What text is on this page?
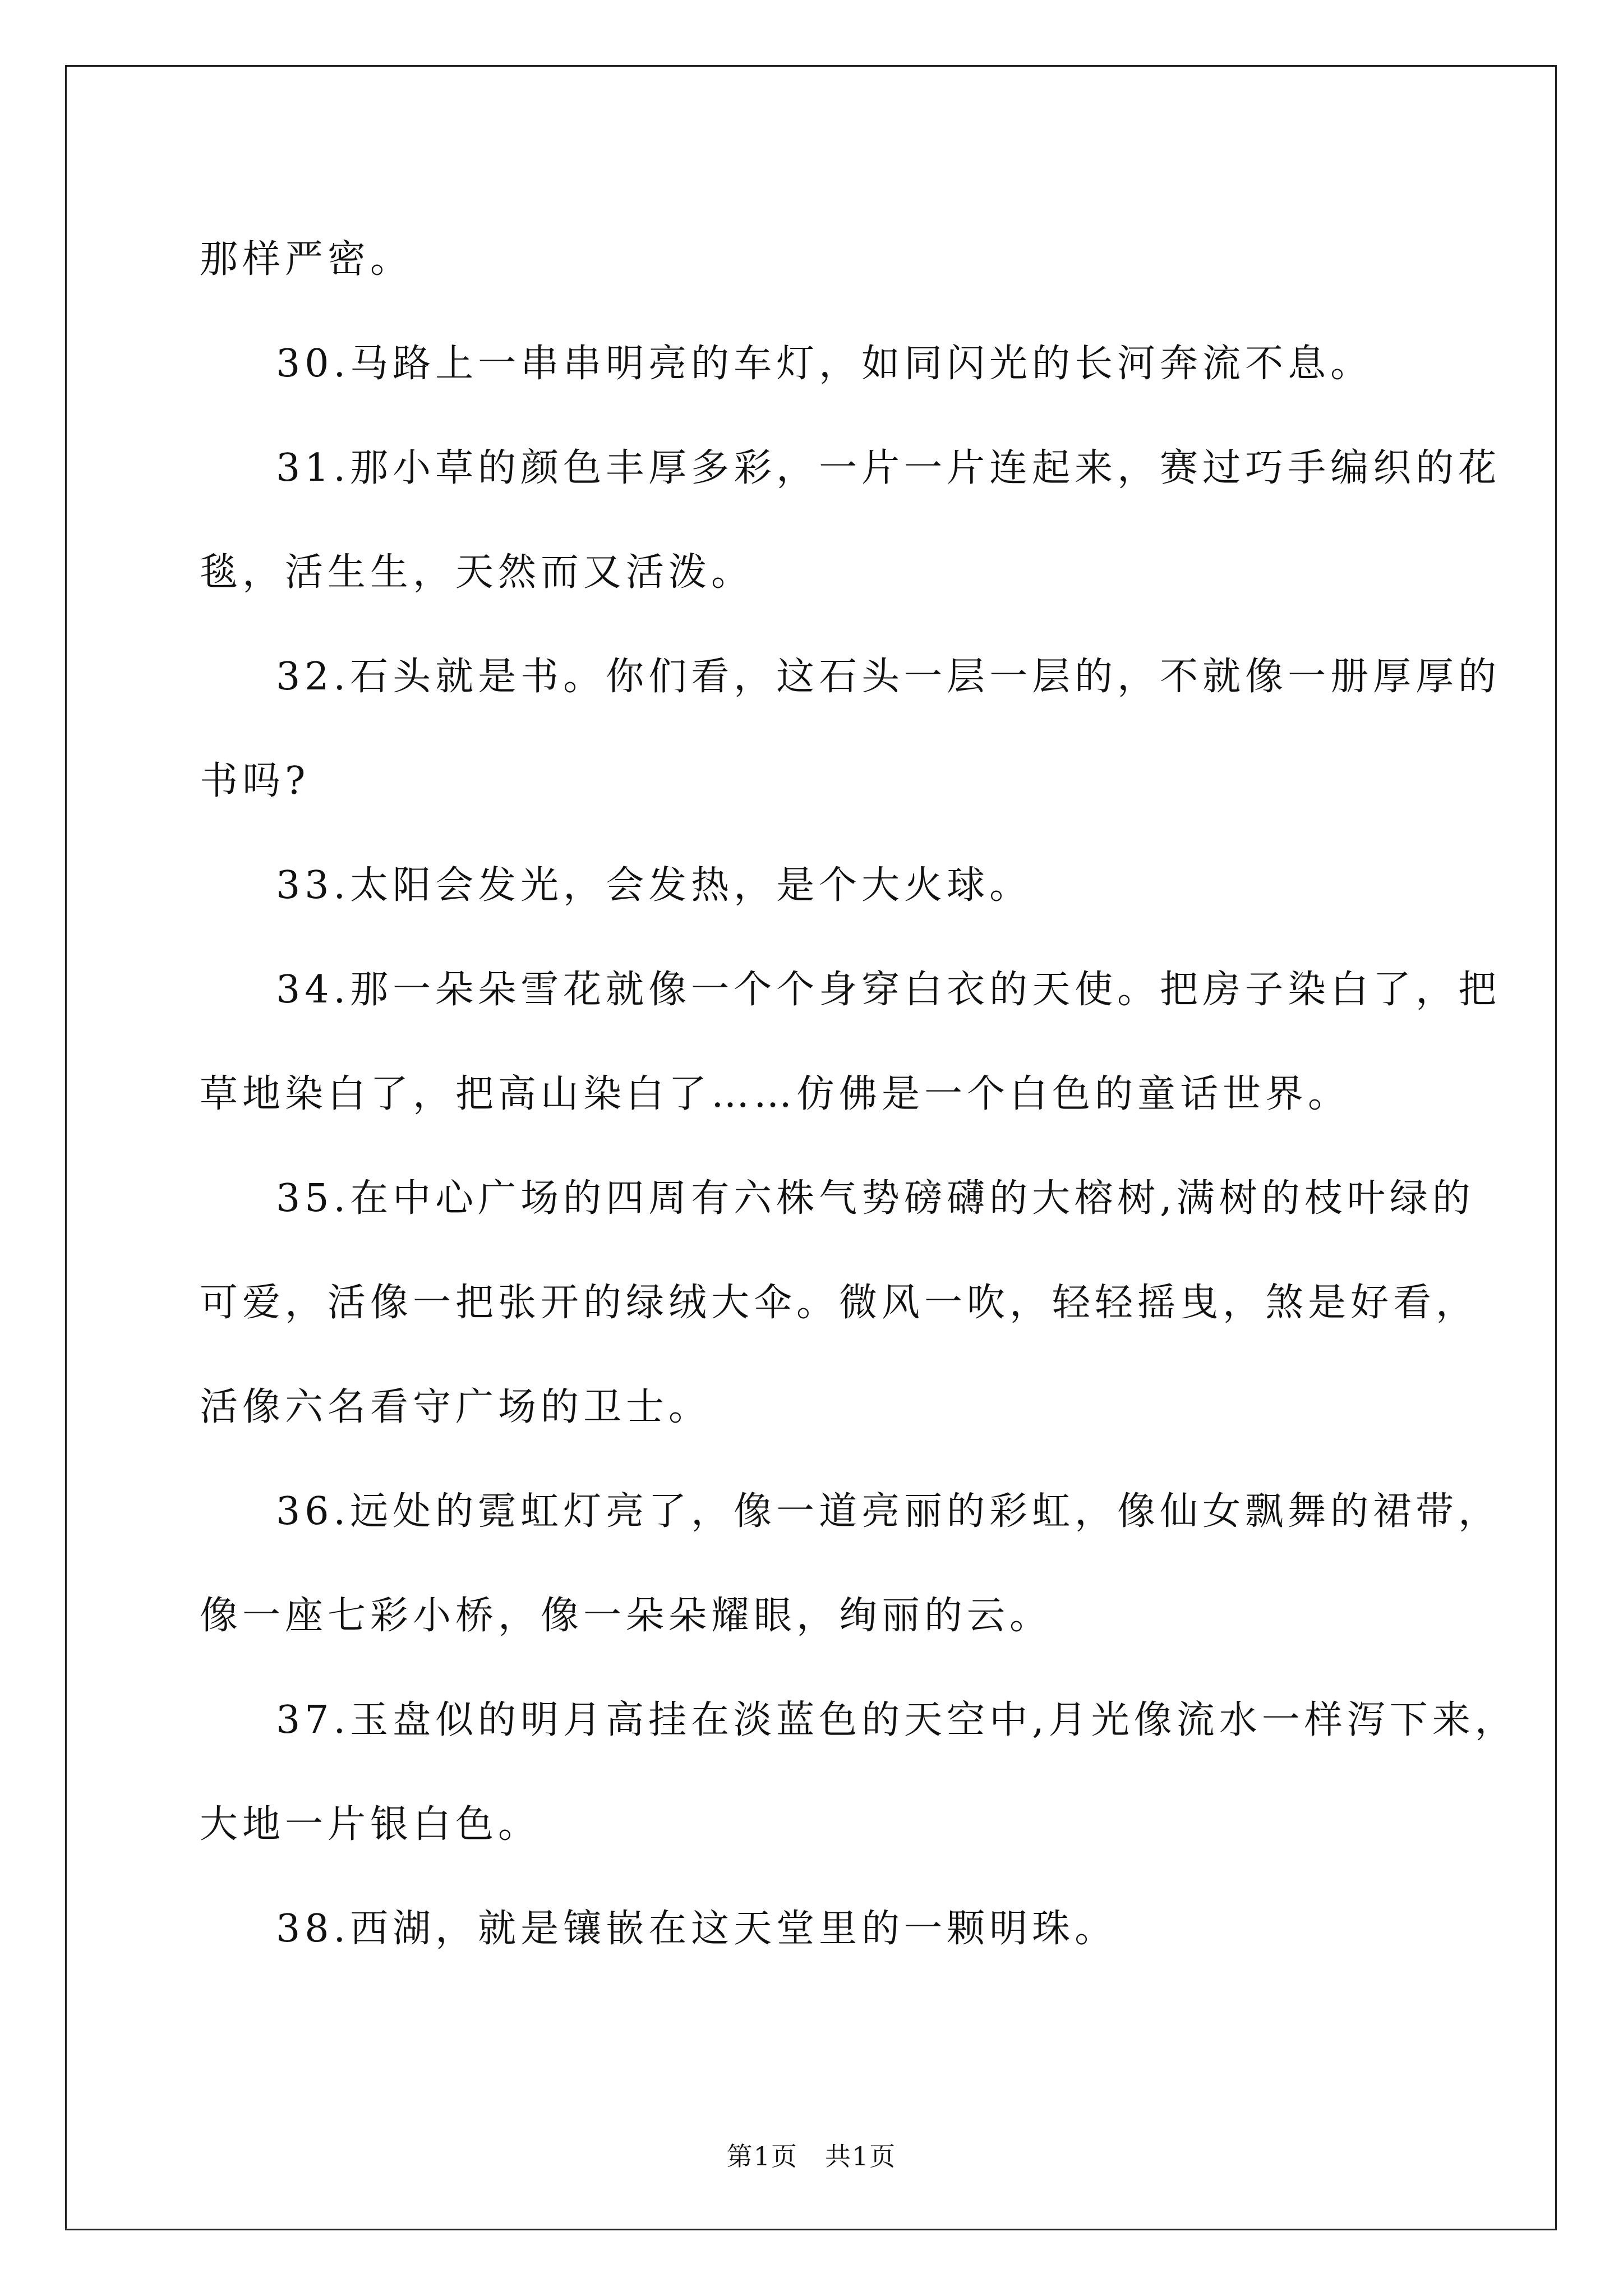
那样严密。

30.马路上一串串明亮的车灯，如同闪光的长河奔流不息。

31.那小草的颜色丰厚多彩，一片一片连起来，赛过巧手编织的花

毯，活生生，天然而又活泼。

32.石头就是书。你们看，这石头一层一层的，不就像一册厚厚的

书吗?

33.太阳会发光，会发热，是个大火球。

34.那一朵朵雪花就像一个个身穿白衣的天使。把房子染白了，把

草地染白了，把高山染白了……仿佛是一个白色的童话世界。

35.在中心广场的四周有六株气势磅礴的大榕树,满树的枝叶绿的

可爱，活像一把张开的绿绒大伞。微风一吹，轻轻摇曳，煞是好看，

活像六名看守广场的卫士。

36.远处的霓虹灯亮了，像一道亮丽的彩虹，像仙女飘舞的裙带，

像一座七彩小桥，像一朵朵耀眼，绚丽的云。

37.玉盘似的明月高挂在淡蓝色的天空中,月光像流水一样泻下来，

大地一片银白色。

38.西湖，就是镶嵌在这天堂里的一颗明珠。

第1页 共1页
